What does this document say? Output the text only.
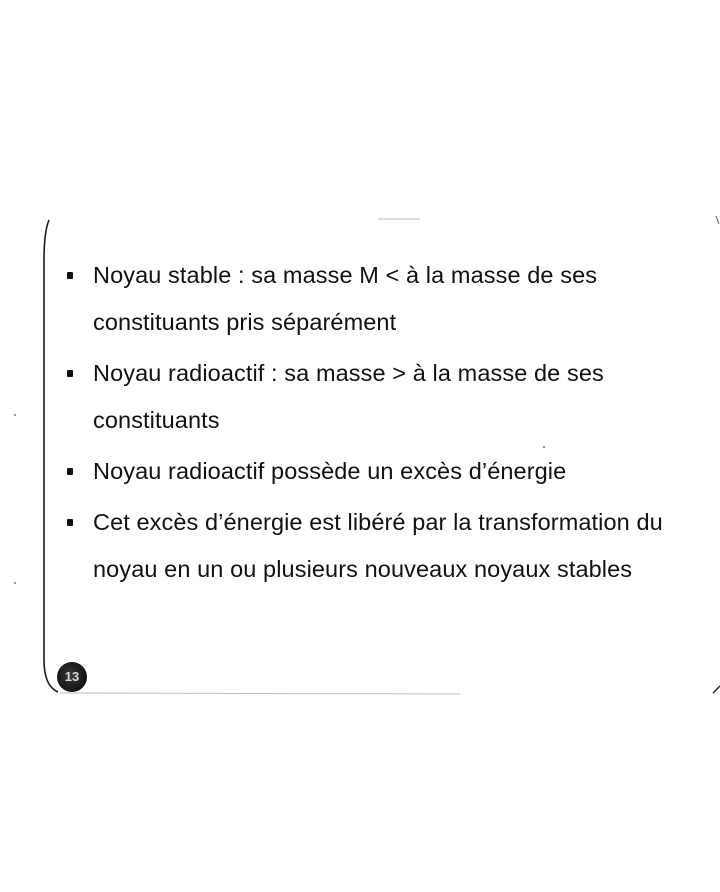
Noyau stable : sa masse M < à la masse de ses constituants pris séparément
Noyau radioactif : sa masse > à la masse de ses constituants
Noyau radioactif possède un excès d’énergie
Cet excès d’énergie est libéré par la transformation du noyau en un ou plusieurs nouveaux noyaux stables
13
